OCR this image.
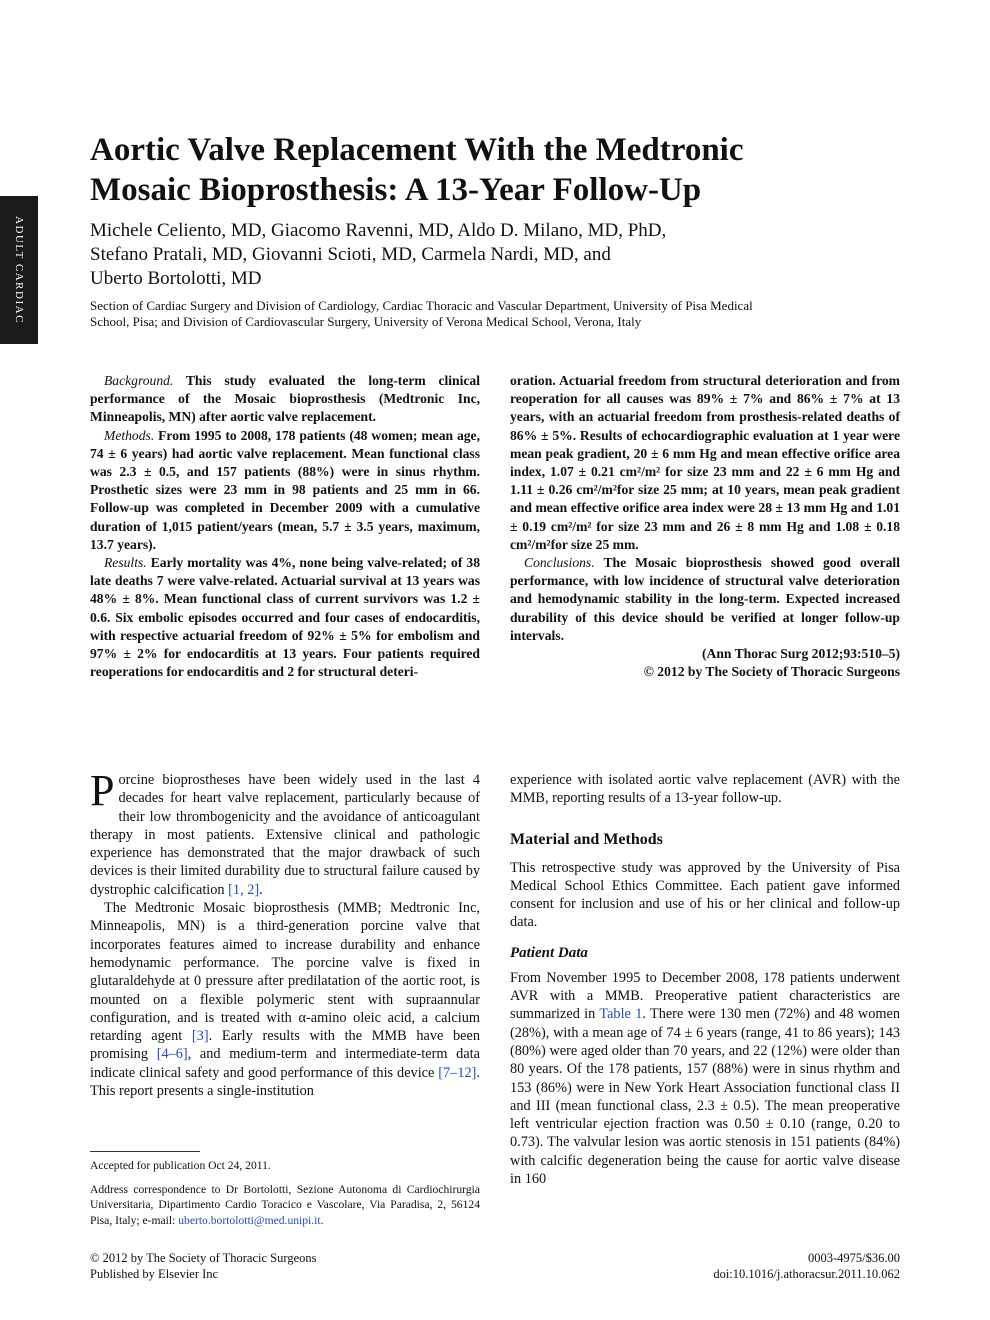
ADULT CARDIAC
Aortic Valve Replacement With the Medtronic
Mosaic Bioprosthesis: A 13-Year Follow-Up
Michele Celiento, MD, Giacomo Ravenni, MD, Aldo D. Milano, MD, PhD,
Stefano Pratali, MD, Giovanni Scioti, MD, Carmela Nardi, MD, and
Uberto Bortolotti, MD
Section of Cardiac Surgery and Division of Cardiology, Cardiac Thoracic and Vascular Department, University of Pisa Medical
School, Pisa; and Division of Cardiovascular Surgery, University of Verona Medical School, Verona, Italy

Background. This study evaluated the long-term clinical performance of the Mosaic bioprosthesis (Medtronic Inc, Minneapolis, MN) after aortic valve replacement.

Methods. From 1995 to 2008, 178 patients (48 women; mean age, 74 ± 6 years) had aortic valve replacement. Mean functional class was 2.3 ± 0.5, and 157 patients (88%) were in sinus rhythm. Prosthetic sizes were 23 mm in 98 patients and 25 mm in 66. Follow-up was completed in December 2009 with a cumulative duration of 1,015 patient/years (mean, 5.7 ± 3.5 years, maximum, 13.7 years).

Results. Early mortality was 4%, none being valve-related; of 38 late deaths 7 were valve-related. Actuarial survival at 13 years was 48% ± 8%. Mean functional class of current survivors was 1.2 ± 0.6. Six embolic episodes occurred and four cases of endocarditis, with respective actuarial freedom of 92% ± 5% for embolism and 97% ± 2% for endocarditis at 13 years. Four patients required reoperations for endocarditis and 2 for structural deteri-

oration. Actuarial freedom from structural deterioration and from reoperation for all causes was 89% ± 7% and 86% ± 7% at 13 years, with an actuarial freedom from prosthesis-related deaths of 86% ± 5%. Results of echocardiographic evaluation at 1 year were mean peak gradient, 20 ± 6 mm Hg and mean effective orifice area index, 1.07 ± 0.21 cm²/m² for size 23 mm and 22 ± 6 mm Hg and 1.11 ± 0.26 cm²/m²for size 25 mm; at 10 years, mean peak gradient and mean effective orifice area index were 28 ± 13 mm Hg and 1.01 ± 0.19 cm²/m² for size 23 mm and 26 ± 8 mm Hg and 1.08 ± 0.18 cm²/m²for size 25 mm.

Conclusions. The Mosaic bioprosthesis showed good overall performance, with low incidence of structural valve deterioration and hemodynamic stability in the long-term. Expected increased durability of this device should be verified at longer follow-up intervals.

(Ann Thorac Surg 2012;93:510–5)
© 2012 by The Society of Thoracic Surgeons

Porcine bioprostheses have been widely used in the last 4 decades for heart valve replacement, particularly because of their low thrombogenicity and the avoidance of anticoagulant therapy in most patients. Extensive clinical and pathologic experience has demonstrated that the major drawback of such devices is their limited durability due to structural failure caused by dystrophic calcification [1, 2].

The Medtronic Mosaic bioprosthesis (MMB; Medtronic Inc, Minneapolis, MN) is a third-generation porcine valve that incorporates features aimed to increase durability and enhance hemodynamic performance. The porcine valve is fixed in glutaraldehyde at 0 pressure after predilatation of the aortic root, is mounted on a flexible polymeric stent with supraannular configuration, and is treated with α-amino oleic acid, a calcium retarding agent [3]. Early results with the MMB have been promising [4–6], and medium-term and intermediate-term data indicate clinical safety and good performance of this device [7–12]. This report presents a single-institution

experience with isolated aortic valve replacement (AVR) with the MMB, reporting results of a 13-year follow-up.

Material and Methods

This retrospective study was approved by the University of Pisa Medical School Ethics Committee. Each patient gave informed consent for inclusion and use of his or her clinical and follow-up data.

Patient Data

From November 1995 to December 2008, 178 patients underwent AVR with a MMB. Preoperative patient characteristics are summarized in Table 1. There were 130 men (72%) and 48 women (28%), with a mean age of 74 ± 6 years (range, 41 to 86 years); 143 (80%) were aged older than 70 years, and 22 (12%) were older than 80 years. Of the 178 patients, 157 (88%) were in sinus rhythm and 153 (86%) were in New York Heart Association functional class II and III (mean functional class, 2.3 ± 0.5). The mean preoperative left ventricular ejection fraction was 0.50 ± 0.10 (range, 0.20 to 0.73). The valvular lesion was aortic stenosis in 151 patients (84%) with calcific degeneration being the cause for aortic valve disease in 160

Accepted for publication Oct 24, 2011.

Address correspondence to Dr Bortolotti, Sezione Autonoma di Cardiochirurgia Universitaria, Dipartimento Cardio Toracico e Vascolare, Via Paradisa, 2, 56124 Pisa, Italy; e-mail: uberto.bortolotti@med.unipi.it.

© 2012 by The Society of Thoracic Surgeons
Published by Elsevier Inc
0003-4975/$36.00
doi:10.1016/j.athoracsur.2011.10.062
